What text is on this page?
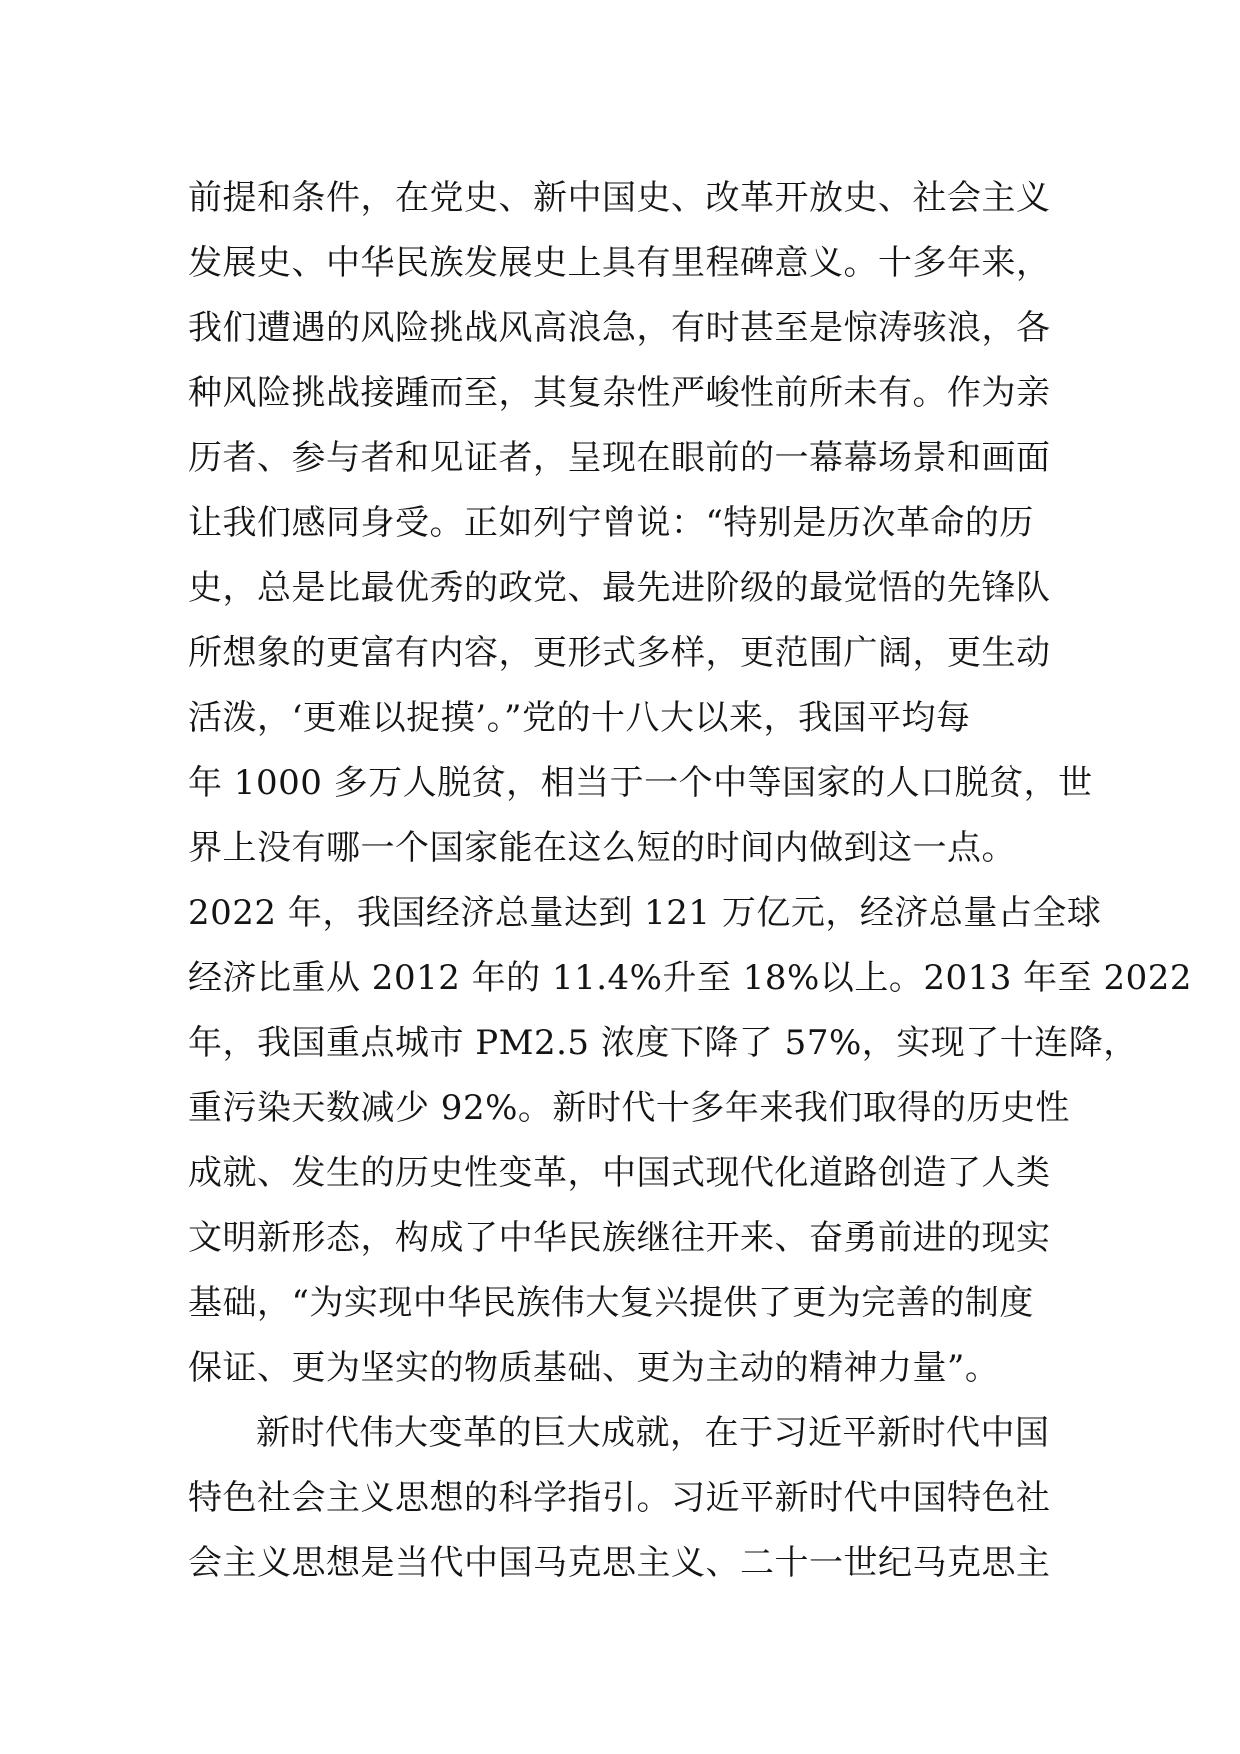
前提和条件，在党史、新中国史、改革开放史、社会主义
发展史、中华民族发展史上具有里程碑意义。十多年来，
我们遭遇的风险挑战风高浪急，有时甚至是惊涛骇浪，各
种风险挑战接踵而至，其复杂性严峻性前所未有。作为亲
历者、参与者和见证者，呈现在眼前的一幕幕场景和画面
让我们感同身受。正如列宁曾说：“特别是历次革命的历
史，总是比最优秀的政党、最先进阶级的最觉悟的先锋队
所想象的更富有内容，更形式多样，更范围广阔，更生动
活泼，‘更难以捉摸’。”党的十八大以来，我国平均每
年 1000 多万人脱贫，相当于一个中等国家的人口脱贫，世
界上没有哪一个国家能在这么短的时间内做到这一点。
2022 年，我国经济总量达到 121 万亿元，经济总量占全球
经济比重从 2012 年的 11.4%升至 18%以上。2013 年至 2022
年，我国重点城市 PM2.5 浓度下降了 57%，实现了十连降，
重污染天数减少 92%。新时代十多年来我们取得的历史性
成就、发生的历史性变革，中国式现代化道路创造了人类
文明新形态，构成了中华民族继往开来、奋勇前进的现实
基础，“为实现中华民族伟大复兴提供了更为完善的制度
保证、更为坚实的物质基础、更为主动的精神力量”。
新时代伟大变革的巨大成就，在于习近平新时代中国
特色社会主义思想的科学指引。习近平新时代中国特色社
会主义思想是当代中国马克思主义、二十一世纪马克思主
